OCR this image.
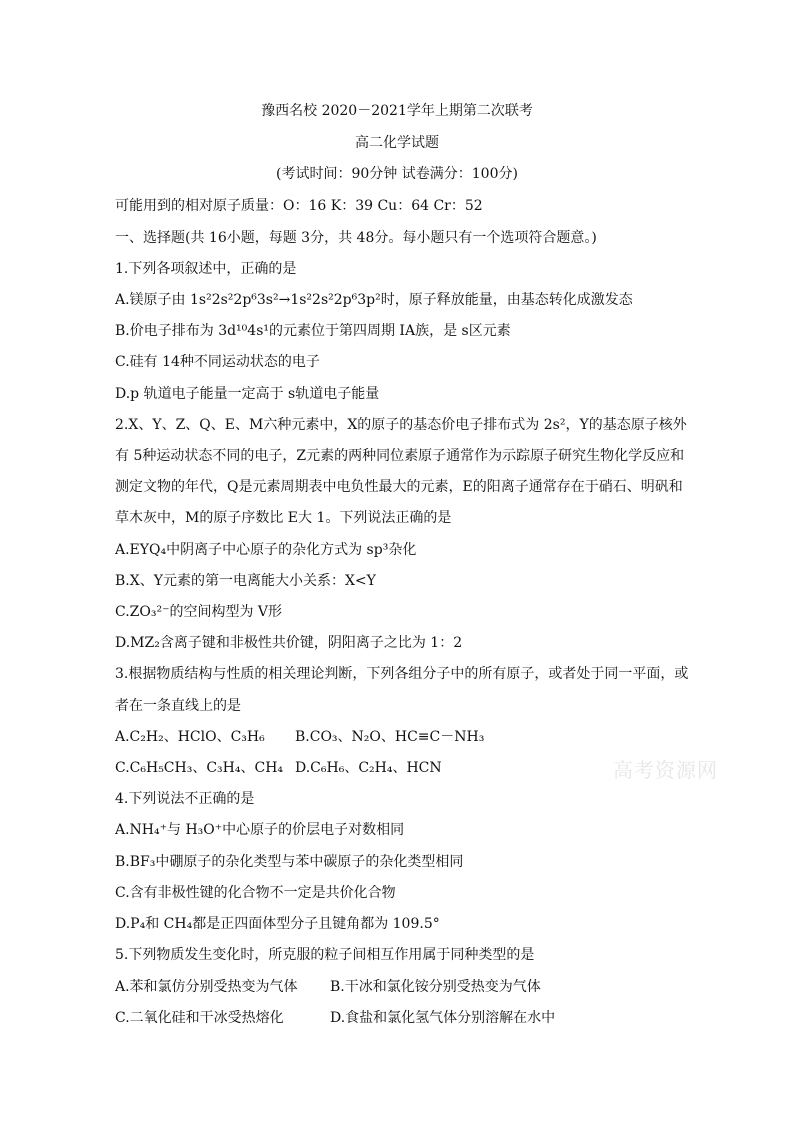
豫西名校 2020－2021学年上期第二次联考
高二化学试题
(考试时间：90分钟 试卷满分：100分)
可能用到的相对原子质量：O：16 K：39 Cu：64 Cr：52
一、选择题(共 16小题，每题 3分，共 48分。每小题只有一个选项符合题意。)
1.下列各项叙述中，正确的是
A.镁原子由 1s²2s²2p⁶3s²→1s²2s²2p⁶3p²时，原子释放能量，由基态转化成激发态
B.价电子排布为 3d¹⁰4s¹的元素位于第四周期 IA族，是 s区元素
C.硅有 14种不同运动状态的电子
D.p 轨道电子能量一定高于 s轨道电子能量
2.X、Y、Z、Q、E、M六种元素中，X的原子的基态价电子排布式为 2s²，Y的基态原子核外
有 5种运动状态不同的电子，Z元素的两种同位素原子通常作为示踪原子研究生物化学反应和
测定文物的年代，Q是元素周期表中电负性最大的元素，E的阳离子通常存在于硝石、明矾和
草木灰中，M的原子序数比 E大 1。下列说法正确的是
A.EYQ₄中阴离子中心原子的杂化方式为 sp³杂化
B.X、Y元素的第一电离能大小关系：X<Y
C.ZO₃²⁻的空间构型为 V形
D.MZ₂含离子键和非极性共价键，阴阳离子之比为 1：2
3.根据物质结构与性质的相关理论判断，下列各组分子中的所有原子，或者处于同一平面，或
者在一条直线上的是
A.C₂H₂、HClO、C₃H₆ B.CO₃、N₂O、HC≡C－NH₃
C.C₆H₅CH₃、C₃H₄、CH₄ D.C₆H₆、C₂H₄、HCN
4.下列说法不正确的是
A.NH₄⁺与 H₃O⁺中心原子的价层电子对数相同
B.BF₃中硼原子的杂化类型与苯中碳原子的杂化类型相同
C.含有非极性键的化合物不一定是共价化合物
D.P₄和 CH₄都是正四面体型分子且键角都为 109.5°
5.下列物质发生变化时，所克服的粒子间相互作用属于同种类型的是
A.苯和氯仿分别受热变为气体 B.干冰和氯化铵分别受热变为气体
C.二氧化硅和干冰受热熔化	D.食盐和氯化氢气体分别溶解在水中
高考资源网
